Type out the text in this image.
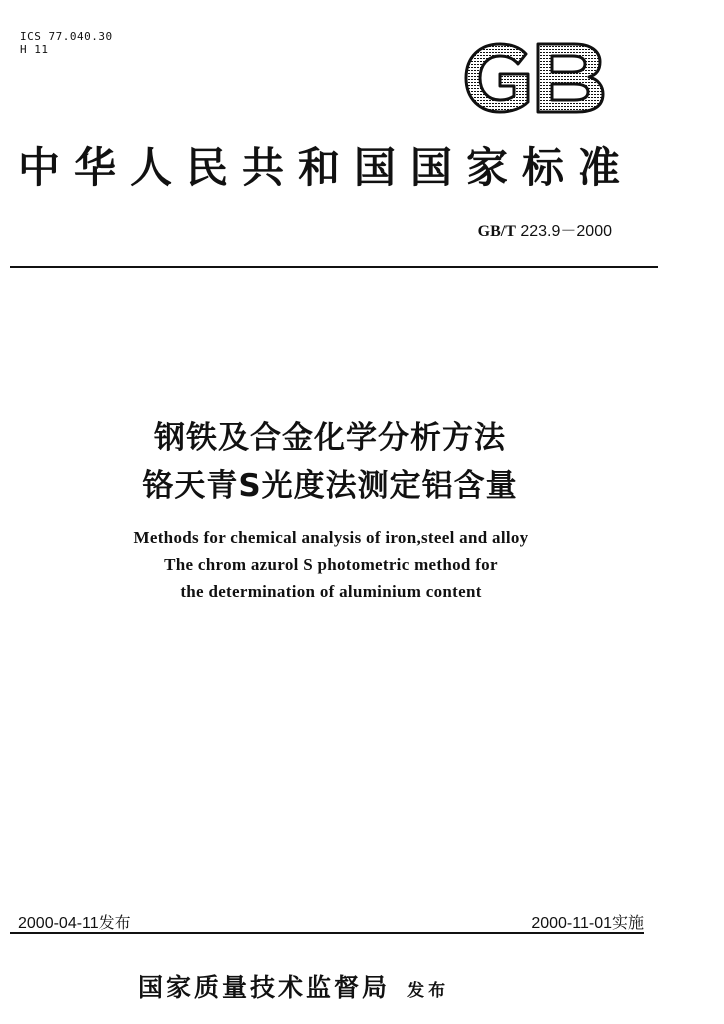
ICS 77.040.30
H 11
中华人民共和国国家标准
GB/T 223.9－2000
钢铁及合金化学分析方法
铬天青S光度法测定铝含量
Methods for chemical analysis of iron,steel and alloy
The chrom azurol S photometric method for
the determination of aluminium content
2000-04-11发布	2000-11-01实施
国家质量技术监督局 发布
